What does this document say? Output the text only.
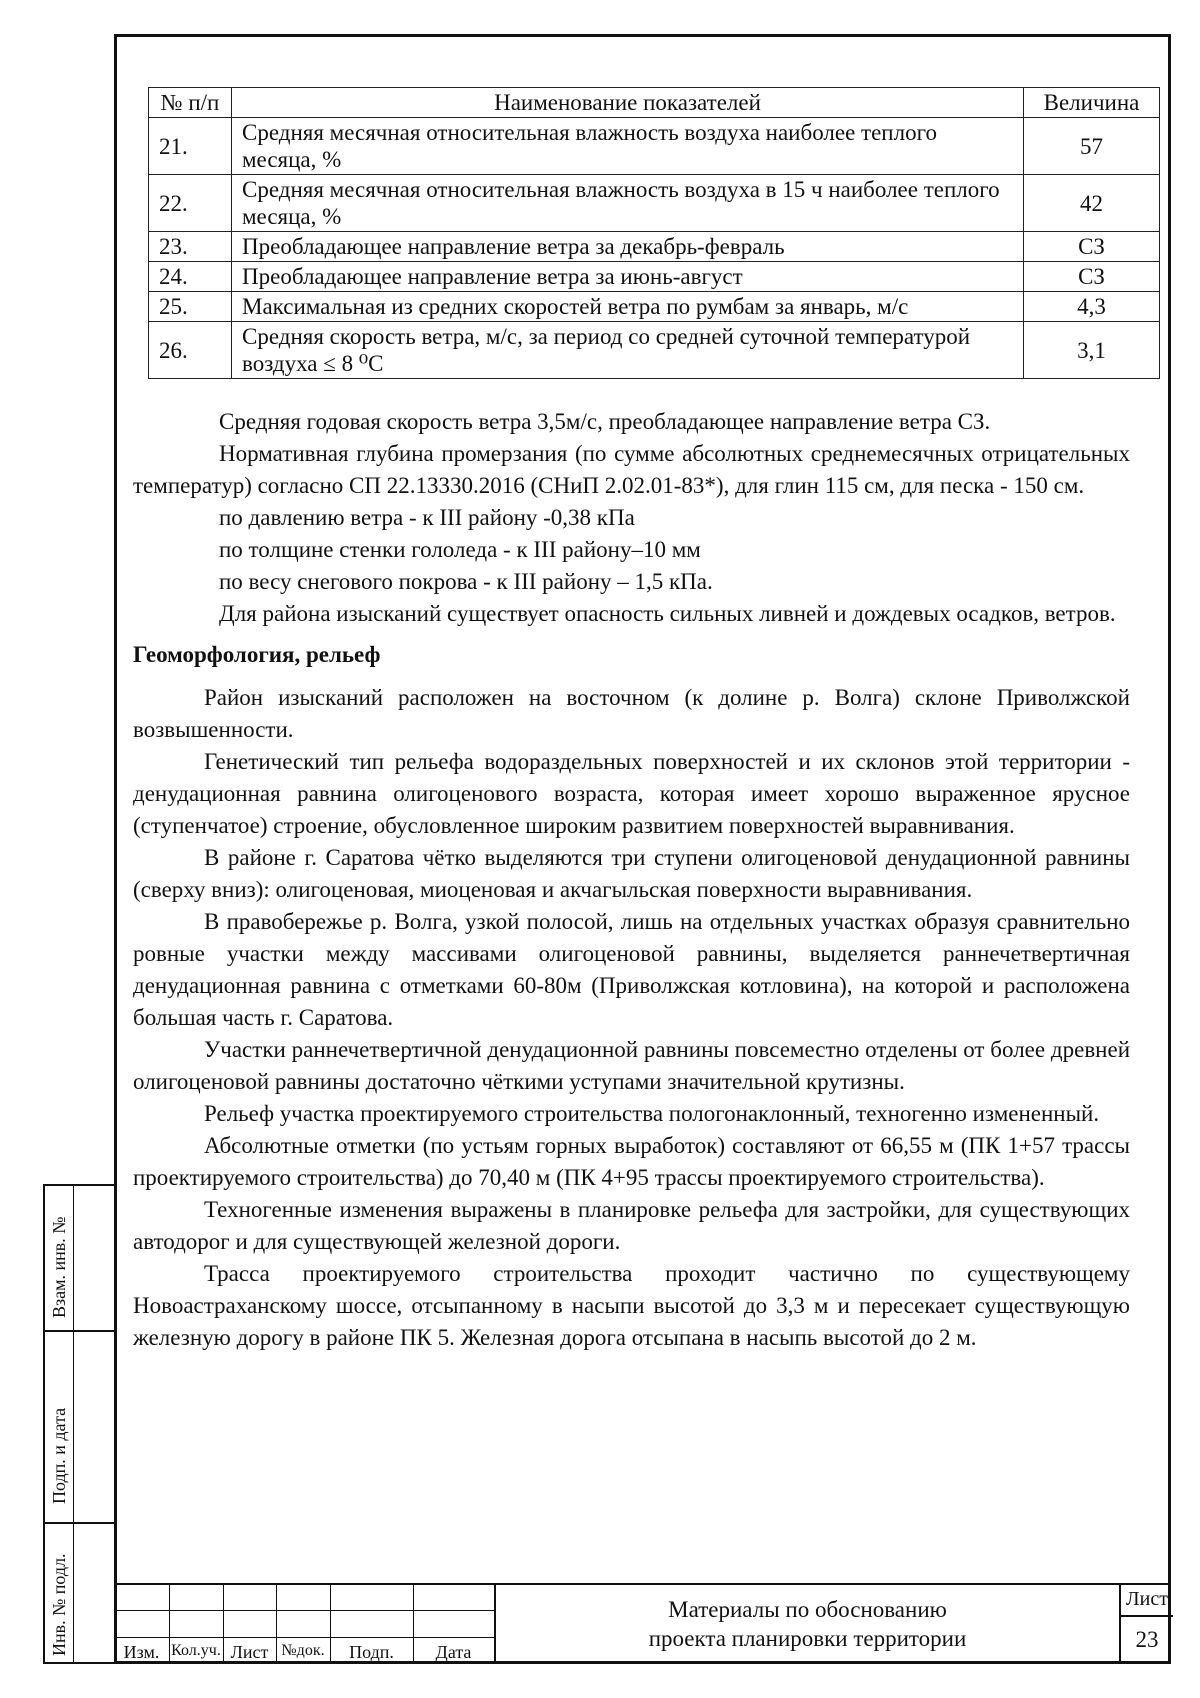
№ п/п	Наименование показателей	Величина
21.	Средняя месячная относительная влажность воздуха наиболее теплого месяца, %	57
22.	Средняя месячная относительная влажность воздуха в 15 ч наиболее теплого месяца, %	42
23.	Преобладающее направление ветра за декабрь-февраль	СЗ
24.	Преобладающее направление ветра за июнь-август	СЗ
25.	Максимальная из средних скоростей ветра по румбам за январь, м/с	4,3
26.	Средняя скорость ветра, м/с, за период со средней суточной температурой воздуха ≤ 8 ⁰С	3,1

Средняя годовая скорость ветра 3,5м/с, преобладающее направление ветра СЗ.

Нормативная глубина промерзания (по сумме абсолютных среднемесячных отрицательных температур) согласно СП 22.13330.2016 (СНиП 2.02.01-83*), для глин 115 см, для песка - 150 см.

по давлению ветра - к III району -0,38 кПа

по толщине стенки гололеда - к III району–10 мм

по весу снегового покрова - к III району – 1,5 кПа.

Для района изысканий существует опасность сильных ливней и дождевых осадков, ветров.

Геоморфология, рельеф

Район изысканий расположен на восточном (к долине р. Волга) склоне Приволжской возвышенности.

Генетический тип рельефа водораздельных поверхностей и их склонов этой территории - денудационная равнина олигоценового возраста, которая имеет хорошо выраженное ярусное (ступенчатое) строение, обусловленное широким развитием поверхностей выравнивания.

В районе г. Саратова чётко выделяются три ступени олигоценовой денудационной равнины (сверху вниз): олигоценовая, миоценовая и акчагыльская поверхности выравнивания.

В правобережье р. Волга, узкой полосой, лишь на отдельных участках образуя сравнительно ровные участки между массивами олигоценовой равнины, выделяется раннечетвертичная денудационная равнина с отметками 60-80м (Приволжская котловина), на которой и расположена большая часть г. Саратова.

Участки раннечетвертичной денудационной равнины повсеместно отделены от более древней олигоценовой равнины достаточно чёткими уступами значительной крутизны.

Рельеф участка проектируемого строительства пологонаклонный, техногенно измененный.

Абсолютные отметки (по устьям горных выработок) составляют от 66,55 м (ПК 1+57 трассы проектируемого строительства) до 70,40 м (ПК 4+95 трассы проектируемого строительства).

Техногенные изменения выражены в планировке рельефа для застройки, для существующих автодорог и для существующей железной дороги.

Трасса проектируемого строительства проходит частично по существующему Новоастраханскому шоссе, отсыпанному в насыпи высотой до 3,3 м и пересекает существующую железную дорогу в районе ПК 5. Железная дорога отсыпана в насыпь высотой до 2 м.

Взам. инв. №
Подп. и дата
Инв. № подл.	Изм. Кол.уч. Лист №док.	Подп.	Дата
Материалы по обоснованию
проекта планировки территории
Лист
23
